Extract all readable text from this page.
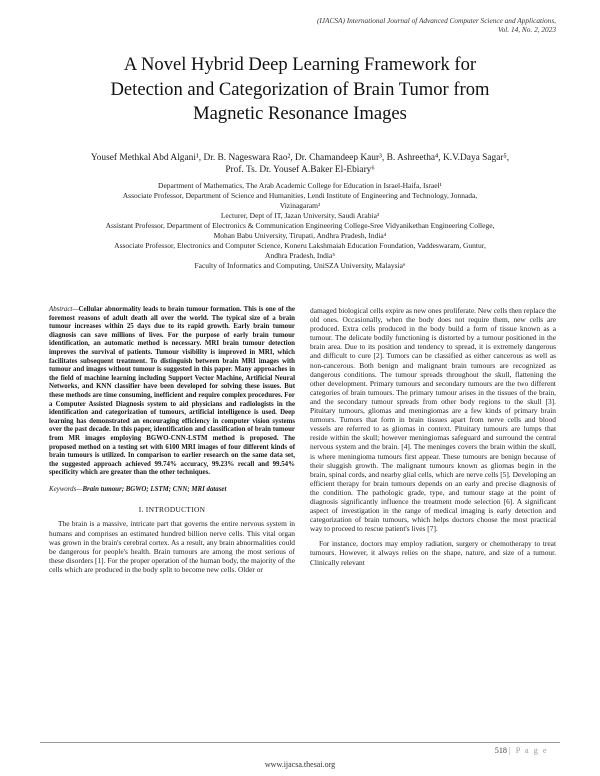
(IJACSA) International Journal of Advanced Computer Science and Applications,
Vol. 14, No. 2, 2023
A Novel Hybrid Deep Learning Framework for
Detection and Categorization of Brain Tumor from
Magnetic Resonance Images
Yousef Methkal Abd Algani¹, Dr. B. Nageswara Rao², Dr. Chamandeep Kaur³, B. Ashreetha⁴, K.V.Daya Sagar⁵,
Prof. Ts. Dr. Yousef A.Baker El-Ebiary⁶
Department of Mathematics, The Arab Academic College for Education in Israel-Haifa, Israel¹
Associate Professor, Department of Science and Humanities, Lendi Institute of Engineering and Technology, Jonnada,
Vizinagaram²
Lecturer, Dept of IT, Jazan University, Saudi Arabia³
Assistant Professor, Department of Electronics & Communication Engineering College-Sree Vidyanikethan Engineering College,
Mohan Babu University, Tirupati, Andhra Pradesh, India⁴
Associate Professor, Electronics and Computer Science, Koneru Lakshmaiah Education Foundation, Vaddeswaram, Guntur,
Andhra Pradesh, India⁵
Faculty of Informatics and Computing, UniSZA University, Malaysia⁶

Abstract—Cellular abnormality leads to brain tumour formation. This is one of the foremost reasons of adult death all over the world. The typical size of a brain tumour increases within 25 days due to its rapid growth. Early brain tumour diagnosis can save millions of lives. For the purpose of early brain tumour identification, an automatic method is necessary. MRI brain tumour detection improves the survival of patients. Tumour visibility is improved in MRI, which facilitates subsequent treatment. To distinguish between brain MRI images with tumour and images without tumour is suggested in this paper. Many approaches in the field of machine learning including Support Vector Machine, Artificial Neural Networks, and KNN classifier have been developed for solving these issues. But these methods are time consuming, inefficient and require complex procedures. For a Computer Assisted Diagnosis system to aid physicians and radiologists in the identification and categorization of tumours, artificial intelligence is used. Deep learning has demonstrated an encouraging efficiency in computer vision systems over the past decade. In this paper, identification and classification of brain tumour from MR images employing BGWO-CNN-LSTM method is proposed. The proposed method on a testing set with 6100 MRI images of four different kinds of brain tumours is utilized. In comparison to earlier research on the same data set, the suggested approach achieved 99.74% accuracy, 99.23% recall and 99.54% specificity which are greater than the other techniques.

Keywords—Brain tumour; BGWO; LSTM; CNN; MRI dataset

I. INTRODUCTION

The brain is a massive, intricate part that governs the entire nervous system in humans and comprises an estimated hundred billion nerve cells. This vital organ was grown in the brain's cerebral cortex. As a result, any brain abnormalities could be dangerous for people's health. Brain tumours are among the most serious of these disorders [1]. For the proper operation of the human body, the majority of the cells which are produced in the body split to become new cells. Older or

damaged biological cells expire as new ones proliferate. New cells then replace the old ones. Occasionally, when the body does not require them, new cells are produced. Extra cells produced in the body build a form of tissue known as a tumour. The delicate bodily functioning is distorted by a tumour positioned in the brain area. Due to its position and tendency to spread, it is extremely dangerous and difficult to cure [2]. Tumors can be classified as either cancerous as well as non-cancerous. Both benign and malignant brain tumours are recognized as dangerous conditions. The tumour spreads throughout the skull, flattening the other development. Primary tumours and secondary tumours are the two different categories of brain tumours. The primary tumour arises in the tissues of the brain, and the secondary tumour spreads from other body regions to the skull [3]. Pituitary tumours, gliomas and meningiomas are a few kinds of primary brain tumours. Tumors that form in brain tissues apart from nerve cells and blood vessels are referred to as gliomas in context. Pituitary tumours are lumps that reside within the skull; however meningiomas safeguard and surround the central nervous system and the brain. [4]. The meninges covers the brain within the skull, is where meningioma tumours first appear. These tumours are benign because of their sluggish growth. The malignant tumours known as gliomas begin in the brain, spinal cords, and nearby glial cells, which are nerve cells [5]. Developing an efficient therapy for brain tumours depends on an early and precise diagnosis of the condition. The pathologic grade, type, and tumour stage at the point of diagnosis significantly influence the treatment mode selection [6]. A significant aspect of investigation in the range of medical imaging is early detection and categorization of brain tumours, which helps doctors choose the most practical way to proceed to rescue patient's lives [7].

For instance, doctors may employ radiation, surgery or chemotherapy to treat tumours. However, it always relies on the shape, nature, and size of a tumour. Clinically relevant

518 | P a g e
www.ijacsa.thesai.org
